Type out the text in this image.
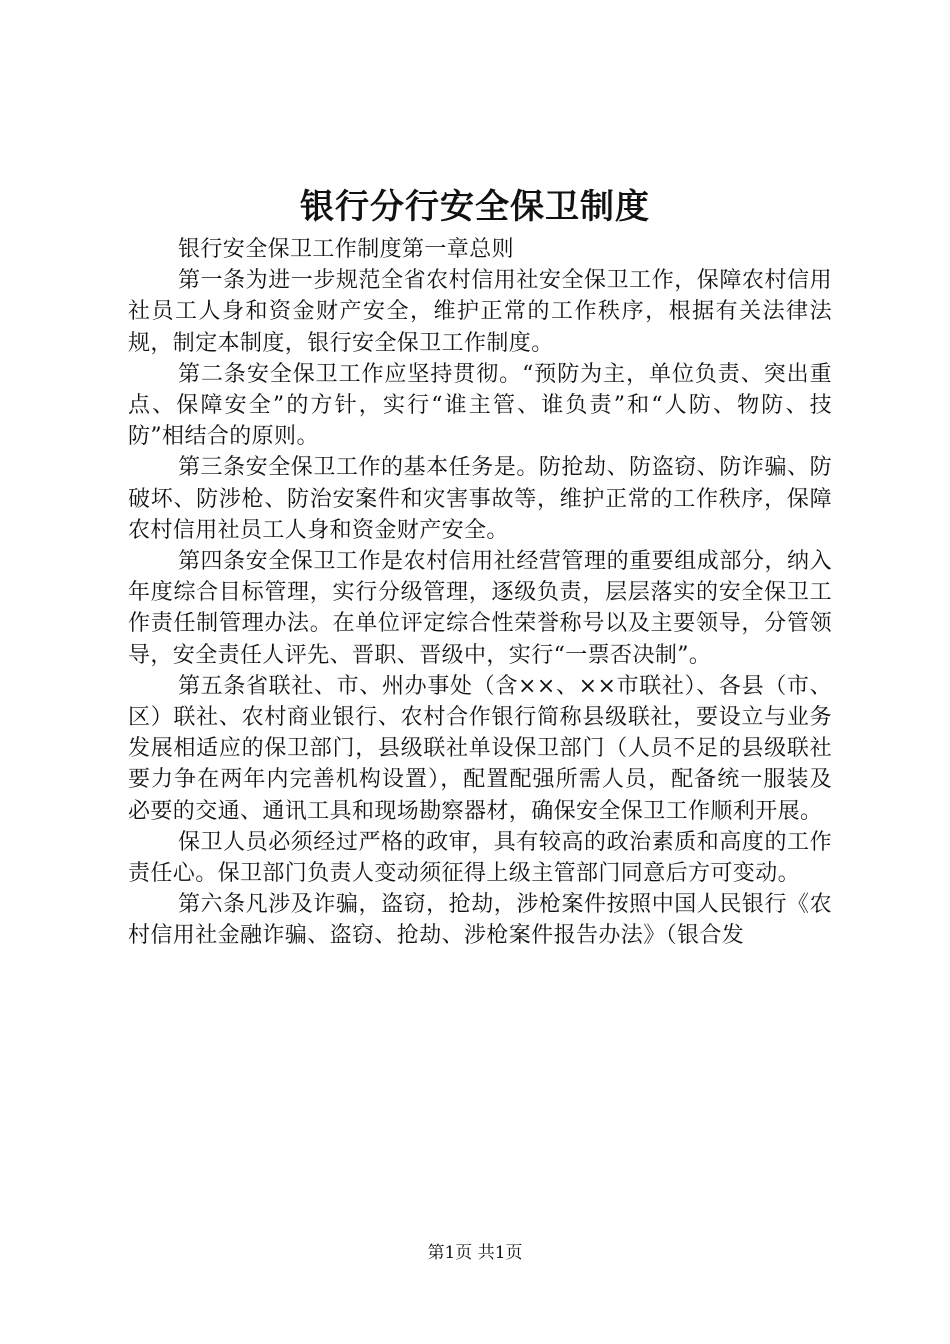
银行分行安全保卫制度

银行安全保卫工作制度第一章总则

第一条为进一步规范全省农村信用社安全保卫工作，保障农村信用社员工人身和资金财产安全，维护正常的工作秩序，根据有关法律法规，制定本制度，银行安全保卫工作制度。

第二条安全保卫工作应坚持贯彻。“预防为主，单位负责、突出重点、保障安全”的方针，实行“谁主管、谁负责”和“人防、物防、技防”相结合的原则。

第三条安全保卫工作的基本任务是。防抢劫、防盗窃、防诈骗、防破坏、防涉枪、防治安案件和灾害事故等，维护正常的工作秩序，保障农村信用社员工人身和资金财产安全。

第四条安全保卫工作是农村信用社经营管理的重要组成部分，纳入年度综合目标管理，实行分级管理，逐级负责，层层落实的安全保卫工作责任制管理办法。在单位评定综合性荣誉称号以及主要领导，分管领导，安全责任人评先、晋职、晋级中，实行“一票否决制”。

第五条省联社、市、州办事处（含××、××市联社）、各县（市、区）联社、农村商业银行、农村合作银行简称县级联社，要设立与业务发展相适应的保卫部门，县级联社单设保卫部门（人员不足的县级联社要力争在两年内完善机构设置），配置配强所需人员，配备统一服装及必要的交通、通讯工具和现场勘察器材，确保安全保卫工作顺利开展。

保卫人员必须经过严格的政审，具有较高的政治素质和高度的工作责任心。保卫部门负责人变动须征得上级主管部门同意后方可变动。

第六条凡涉及诈骗，盗窃，抢劫，涉枪案件按照中国人民银行《农村信用社金融诈骗、盗窃、抢劫、涉枪案件报告办法》（银合发

第1页 共1页
